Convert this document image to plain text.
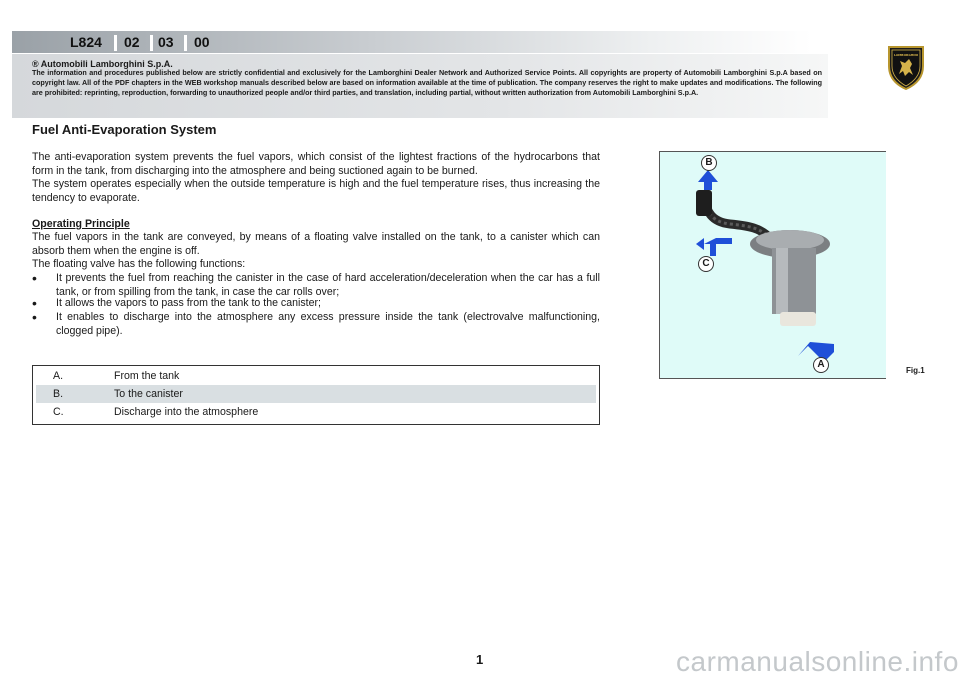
L824 02 03 00
LAMBORGHINI
® Automobili Lamborghini S.p.A.
The information and procedures published below are strictly confidential and exclusively for the Lamborghini Dealer Network and Authorized Service Points. All copyrights are property of Automobili Lamborghini S.p.A based on copyright law. All of the PDF chapters in the WEB workshop manuals described below are based on information available at the time of publication. The company reserves the right to make updates and modifications. The following are prohibited: reprinting, reproduction, forwarding to unauthorized people and/or third parties, and translation, including partial, without written authorization from Automobili Lamborghini S.p.A.
Fuel Anti-Evaporation System

The anti-evaporation system prevents the fuel vapors, which consist of the lightest fractions of the hydrocarbons that form in the tank, from discharging into the atmosphere and being suctioned again to be burned.

The system operates especially when the outside temperature is high and the fuel temperature rises, thus increasing the tendency to evaporate.

Operating Principle

The fuel vapors in the tank are conveyed, by means of a floating valve installed on the tank, to a canister which can absorb them when the engine is off.

The floating valve has the following functions:

• It prevents the fuel from reaching the canister in the case of hard acceleration/deceleration when the car has a full tank, or from spilling from the tank, in case the car rolls over;
• It allows the vapors to pass from the tank to the canister;
• It enables to discharge into the atmosphere any excess pressure inside the tank (electrovalve malfunctioning, clogged pipe).
A.	From the tank
B.	To the canister
C.	Discharge into the atmosphere
B
C
A
Fig.1
1	carmanualsonline.info
